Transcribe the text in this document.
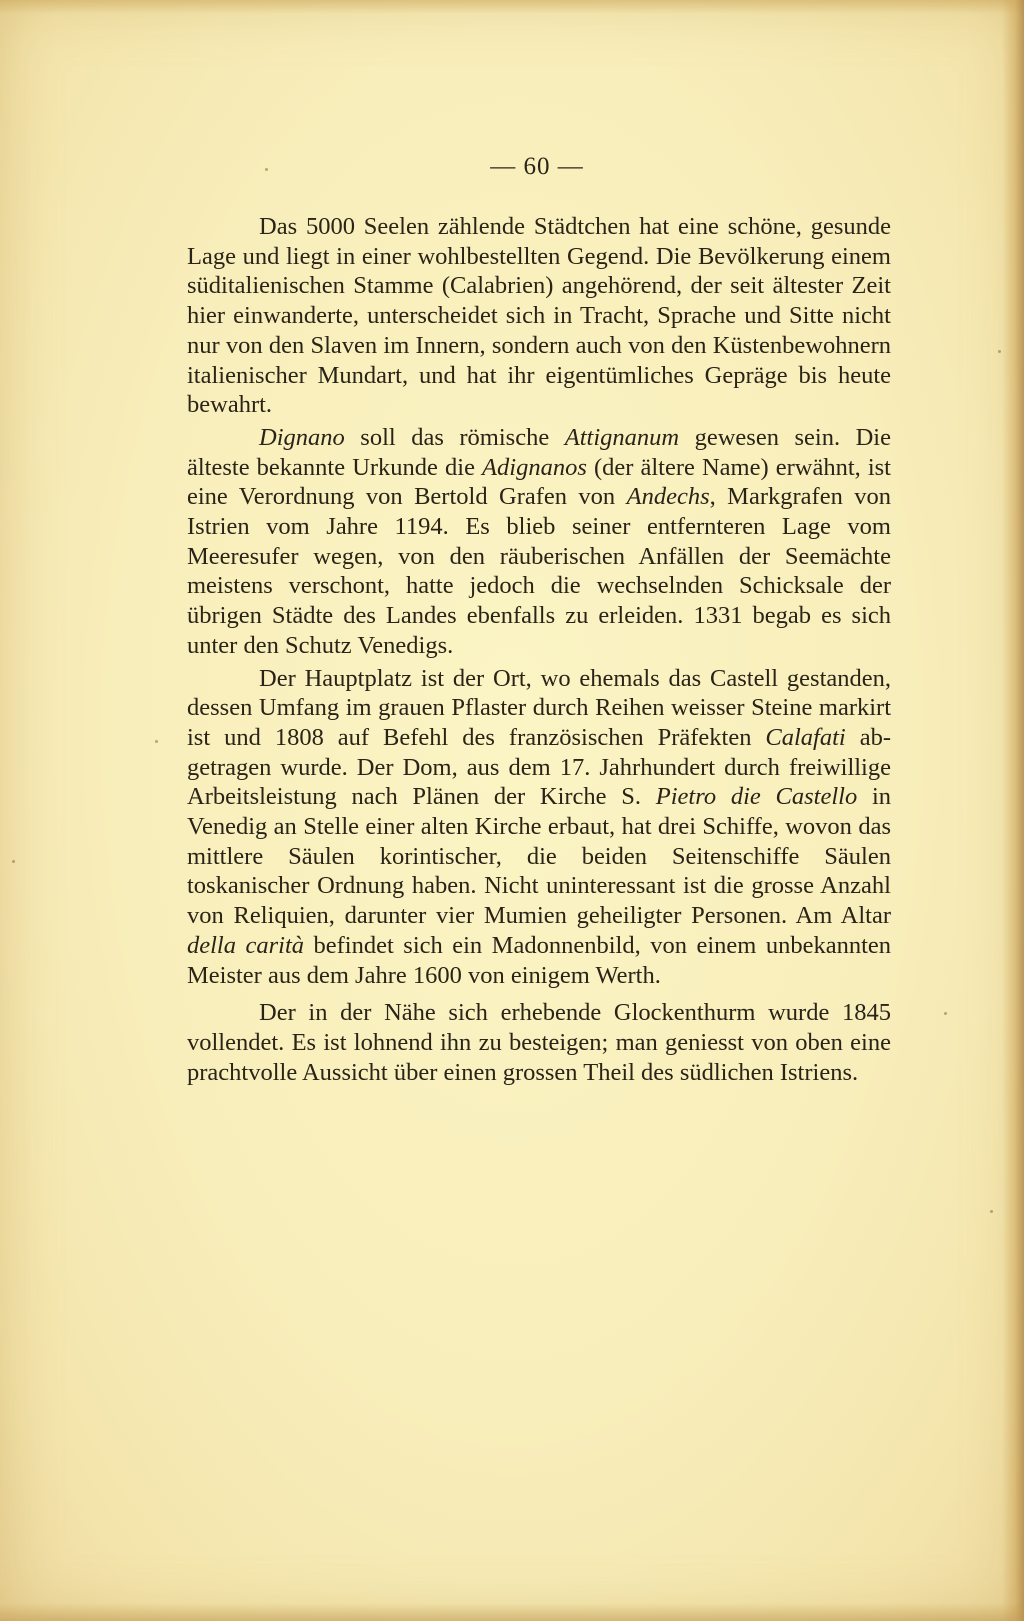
— 60 —

Das 5000 Seelen zählende Städtchen hat eine schöne, gesunde Lage und liegt in einer wohlbestellten Gegend. Die Bevölkerung einem süditalienischen Stamme (Calabrien) angehörend, der seit ältester Zeit hier einwanderte, unterscheidet sich in Tracht, Sprache und Sitte nicht nur von den Slaven im Innern, sondern auch von den Küstenbewohnern italienischer Mundart, und hat ihr eigentümliches Gepräge bis heute bewahrt.

Dignano soll das römische Attignanum gewesen sein. Die älteste bekannte Urkunde die Adignanos (der ältere Name) erwähnt, ist eine Verordnung von Bertold Grafen von Andechs, Markgrafen von Istrien vom Jahre 1194. Es blieb seiner entfernteren Lage vom Meeresufer wegen, von den räuberischen Anfällen der Seemächte meistens verschont, hatte jedoch die wechselnden Schicksale der übrigen Städte des Landes ebenfalls zu erleiden. 1331 begab es sich unter den Schutz Venedigs.

Der Hauptplatz ist der Ort, wo ehemals das Castell gestanden, dessen Umfang im grauen Pflaster durch Reihen weisser Steine markirt ist und 1808 auf Befehl des französischen Präfekten Calafati abgetragen wurde. Der Dom, aus dem 17. Jahrhundert durch freiwillige Arbeitsleistung nach Plänen der Kirche S. Pietro die Castello in Venedig an Stelle einer alten Kirche erbaut, hat drei Schiffe, wovon das mittlere Säulen korintischer, die beiden Seitenschiffe Säulen toskanischer Ordnung haben. Nicht uninteressant ist die grosse Anzahl von Reliquien, darunter vier Mumien geheiligter Personen. Am Altar della carità befindet sich ein Madonnenbild, von einem unbekannten Meister aus dem Jahre 1600 von einigem Werth.

Der in der Nähe sich erhebende Glockenthurm wurde 1845 vollendet. Es ist lohnend ihn zu besteigen; man geniesst von oben eine prachtvolle Aussicht über einen grossen Theil des südlichen Istriens.
